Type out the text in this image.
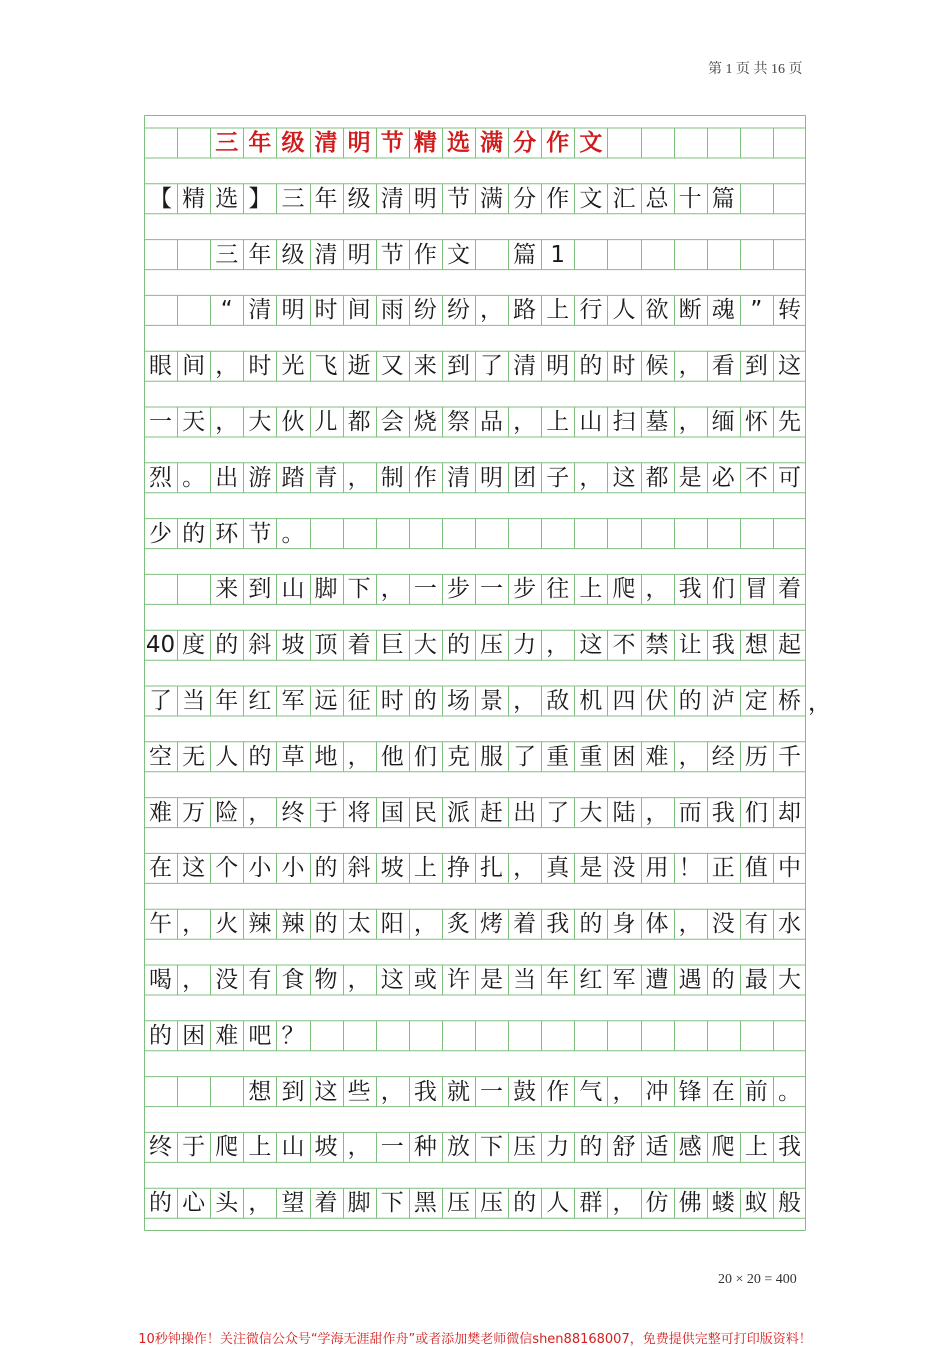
第 1 页 共 16 页
三 年 级 清 明 节 精 选 满 分 作 文
【 精 选 】 三 年 级 清 明 节 满 分 作 文 汇 总 十 篇
三 年 级 清 明 节 作 文 篇 1
“ 清 明 时 间 雨 纷 纷 ， 路 上 行 人 欲 断 魂 ” 转
眼 间 ， 时 光 飞 逝 又 来 到 了 清 明 的 时 候 ， 看 到 这
一 天 ， 大 伙 儿 都 会 烧 祭 品 ， 上 山 扫 墓 ， 缅 怀 先
烈 。 出 游 踏 青 ， 制 作 清 明 团 子 ， 这 都 是 必 不 可
少 的 环 节 。
来 到 山 脚 下 ， 一 步 一 步 往 上 爬 ， 我 们 冒 着
40 度 的 斜 坡 顶 着 巨 大 的 压 力 ， 这 不 禁 让 我 想 起
了 当 年 红 军 远 征 时 的 场 景 ， 敌 机 四 伏 的 泸 定 桥
空 无 人 的 草 地 ， 他 们 克 服 了 重 重 困 难 ， 经 历 千
难 万 险 ， 终 于 将 国 民 派 赶 出 了 大 陆 ， 而 我 们 却
在 这 个 小 小 的 斜 坡 上 挣 扎 ， 真 是 没 用 ！ 正 值 中
午 ， 火 辣 辣 的 太 阳 ， 炙 烤 着 我 的 身 体 ， 没 有 水
喝 ， 没 有 食 物 ， 这 或 许 是 当 年 红 军 遭 遇 的 最 大
的 困 难 吧 ？
想 到 这 些 ， 我 就 一 鼓 作 气 ， 冲 锋 在 前 。
终 于 爬 上 山 坡 ， 一 种 放 下 压 力 的 舒 适 感 爬 上 我
的 心 头 ， 望 着 脚 下 黑 压 压 的 人 群 ， 仿 佛 蝼 蚁 般
，
20 × 20 = 400
10秒钟操作！关注微信公众号“学海无涯甜作舟”或者添加樊老师微信shen88168007，免费提供完整可打印版资料！
